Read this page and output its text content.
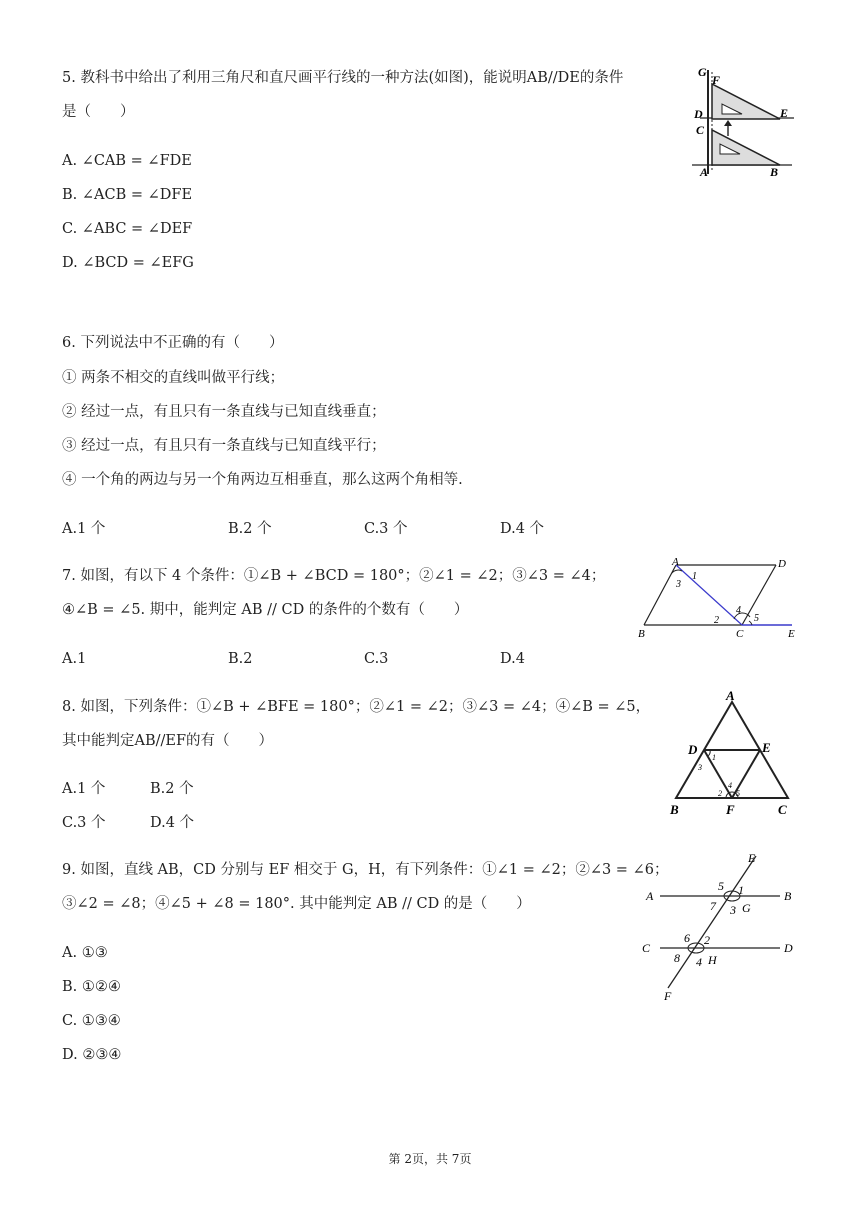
5. 教科书中给出了利用三角尺和直尺画平行线的一种方法(如图)，能说明AB//DE的条件
是（　　）
A. ∠CAB = ∠FDE
B. ∠ACB = ∠DFE
C. ∠ABC = ∠DEF
D. ∠BCD = ∠EFG
G
F
D	E
C
A	B
6. 下列说法中不正确的有（　　）
① 两条不相交的直线叫做平行线；
② 经过一点，有且只有一条直线与已知直线垂直；
③ 经过一点，有且只有一条直线与已知直线平行；
④ 一个角的两边与另一个角两边互相垂直，那么这两个角相等.
A.1 个	B.2 个	C.3 个	D.4 个
7. 如图，有以下 4 个条件：①∠B + ∠BCD = 180°；②∠1 = ∠2；③∠3 = ∠4；
④∠B = ∠5. 期中，能判定 AB // CD 的条件的个数有（　　）
A.1	B.2	C.3	D.4
A	D
B	C	E
1
3
2
4
5
8. 如图，下列条件：①∠B + ∠BFE = 180°；②∠1 = ∠2；③∠3 = ∠4；④∠B = ∠5，
其中能判定AB//EF的有（　　）
A.1 个	B.2 个
C.3 个	D.4 个
A
D	E
B	F	C
1
3
4
2 5
9. 如图，直线 AB，CD 分别与 EF 相交于 G，H，有下列条件：①∠1 = ∠2；②∠3 = ∠6；
③∠2 = ∠8；④∠5 + ∠8 = 180°. 其中能判定 AB // CD 的是（　　）
A. ①③
B. ①②④
C. ①③④
D. ②③④
E
A	B
G
C	D
H
F
5 1
7 3
6 2
8 4
第 2页，共 7页
